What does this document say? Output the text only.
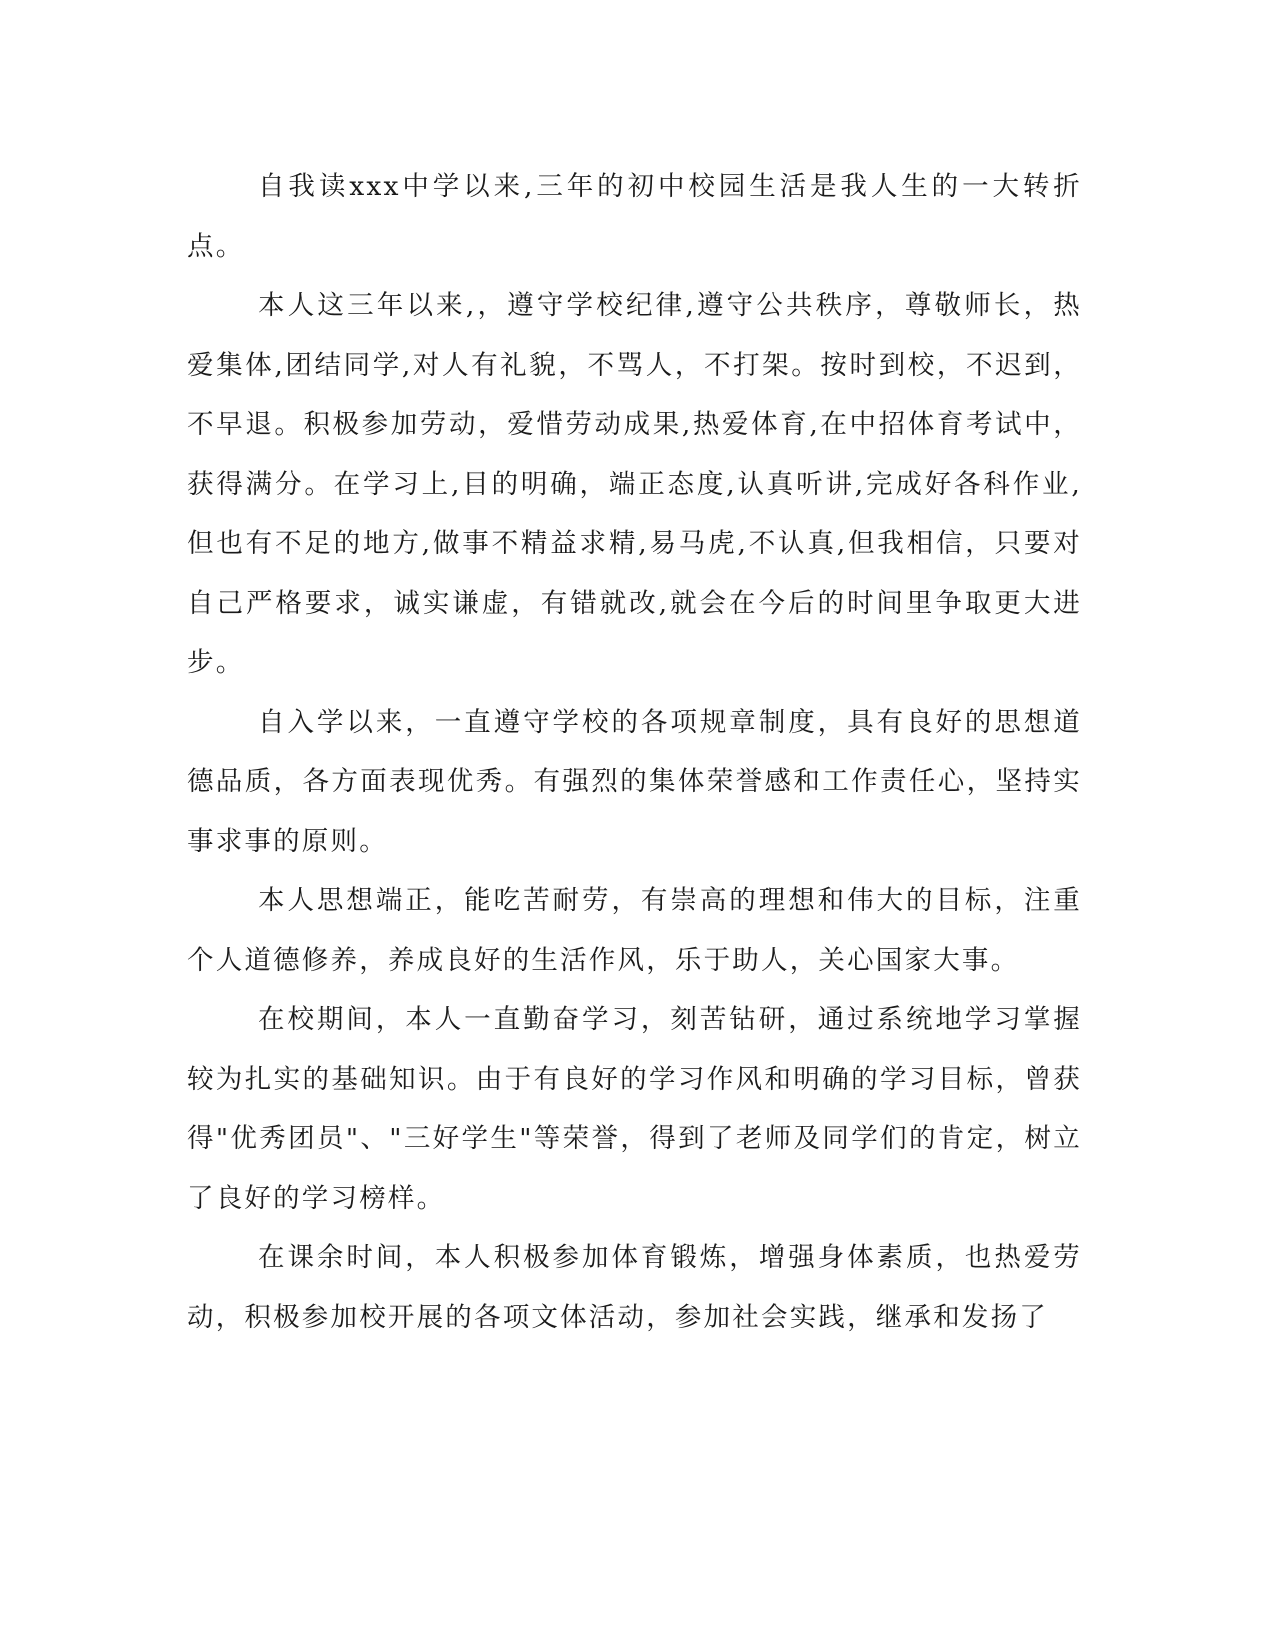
自我读xxx中学以来,三年的初中校园生活是我人生的一大转折点。

本人这三年以来,，遵守学校纪律,遵守公共秩序，尊敬师长，热爱集体,团结同学,对人有礼貌，不骂人，不打架。按时到校，不迟到，不早退。积极参加劳动，爱惜劳动成果,热爱体育,在中招体育考试中，获得满分。在学习上,目的明确，端正态度,认真听讲,完成好各科作业,但也有不足的地方,做事不精益求精,易马虎,不认真,但我相信，只要对自己严格要求，诚实谦虚，有错就改,就会在今后的时间里争取更大进步。

自入学以来，一直遵守学校的各项规章制度，具有良好的思想道德品质，各方面表现优秀。有强烈的集体荣誉感和工作责任心，坚持实事求事的原则。

本人思想端正，能吃苦耐劳，有崇高的理想和伟大的目标，注重个人道德修养，养成良好的生活作风，乐于助人，关心国家大事。

在校期间，本人一直勤奋学习，刻苦钻研，通过系统地学习掌握较为扎实的基础知识。由于有良好的学习作风和明确的学习目标，曾获得"优秀团员"、"三好学生"等荣誉，得到了老师及同学们的肯定，树立了良好的学习榜样。

在课余时间，本人积极参加体育锻炼，增强身体素质，也热爱劳动，积极参加校开展的各项文体活动，参加社会实践，继承和发扬了
